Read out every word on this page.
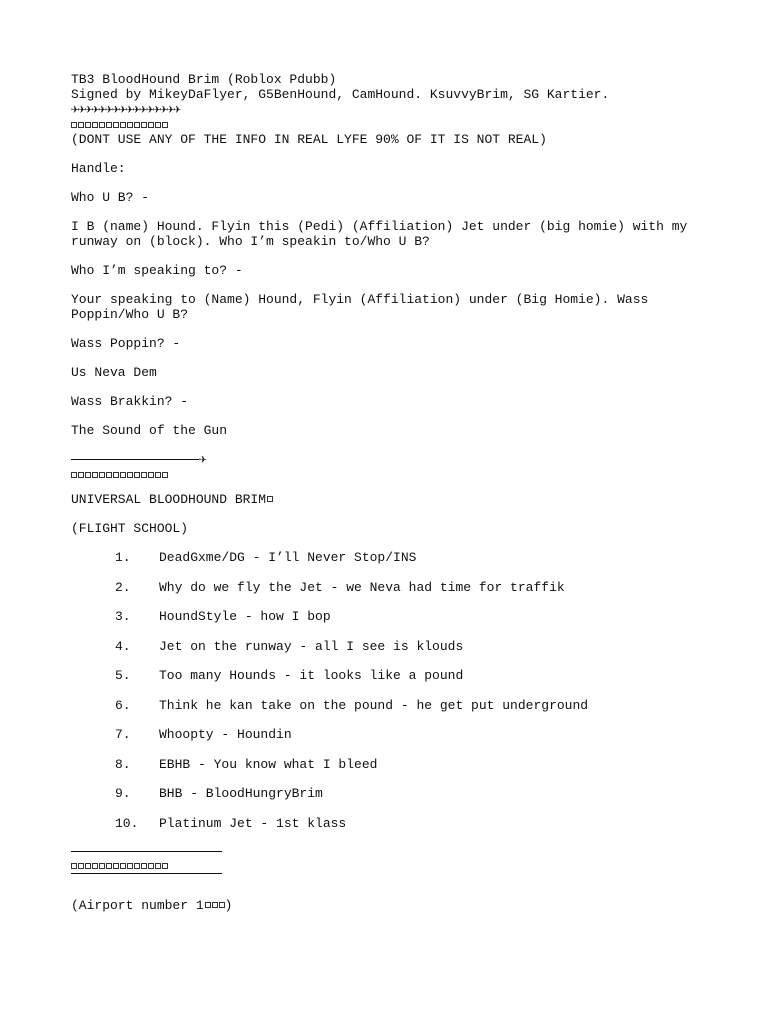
TB3 BloodHound Brim (Roblox Pdubb)

Signed by MikeyDaFlyer, G5BenHound, CamHound. KsuvvyBrim, SG Kartier.

✈✈✈✈✈✈✈✈✈✈✈✈✈✈✈✈

(DONT USE ANY OF THE INFO IN REAL LYFE 90% OF IT IS NOT REAL)

Handle:

Who U B? -

I B (name) Hound. Flyin this (Pedi) (Affiliation) Jet under (big homie) with my runway on (block). Who I’m speakin to/Who U B?

Who I’m speaking to? -

Your speaking to (Name) Hound, Flyin (Affiliation) under (Big Homie). Wass Poppin/Who U B?

Wass Poppin? -

Us Neva Dem

Wass Brakkin? -

The Sound of the Gun

✈

UNIVERSAL BLOODHOUND BRIM

(FLIGHT SCHOOL)

1.	DeadGxme/DG - I’ll Never Stop/INS
2.	Why do we fly the Jet - we Neva had time for traffik
3.	HoundStyle - how I bop
4.	Jet on the runway - all I see is klouds
5.	Too many Hounds - it looks like a pound
6.	Think he kan take on the pound - he get put underground
7.	Whoopty - Houndin
8.	EBHB - You know what I bleed
9.	BHB - BloodHungryBrim
10.	Platinum Jet - 1st klass

(Airport number 1 )
